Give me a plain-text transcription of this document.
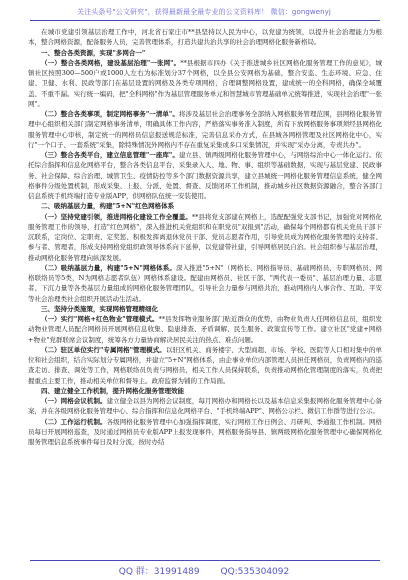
关注头条号"公文研究"，获得最新最全最专业的公文资料库！ 微信：gongwenyj

在城市党建引领基层治理工作中，河北省石家庄市**县坚持以人民为中心，以党建为统领，以提升社会治理能力为根本，整合网格资源，配备服务人员，完善管理体系，打造共建共治共享的社会治理网格化服务新格局。

一、整合各类资源，实现"多网合一"

（一）整合各类网格，建设基层治理"一张网"。**县根据市四办《关于推进城乡社区网格化服务管理工作的意见》，城镇社区按照300—500户或1000人左右为标准划分37个网格，以全县公安网格为基础，整合安监、生态环境、应急、住建、卫健、水利、民政等部门在基层设置的网格及各类专项网格，合理调整网格设置，建成统一的全科网格，确保全域覆盖、不重不漏。实行统一编码，把"全科网格"作为基层管理服务单元和智慧城市管理基础单元统筹推进，实现社会治理"一张网"。

（二）整合各类事项，制定网格事务"一清单"。将涉及基层社会治理事务全部纳入网格服务管理范围，县网格化服务管理中心组织相关部门制定网格事务清单，明确具体工作内容，严格落实事务准入制度，所有下放网格服务事项须经县网格化服务管理中心审核，制定统一的网格员信息报送规范标准，完善信息采办方式，在县城各网格管理及社区网格化中心，实行"一个口子、一套系统"采集，除特殊情况外网格内不存在重复采集或多口采集情况，并实现"采办分离，专责共办"。

（三）整合各类平台，建立信息管理"一座库"。建立县、镇两级网格化服务管理中心，与网络综治中心一体化运行。依托综合指挥和信息化网格平台，整合各类信息平台，采集录入人、地、物、事、组织等基础数据，实现与基层党建、民政事务、社会保障、综合治理、城管卫生、疫情防控等多个部门数据资源共享，建立县城统一网格化服务管理信息系统，健全网格事件分级处置机制，形成采集、上报、分派、处置、督查、反馈闭环工作机制，推动城乡社区数据资源融合，整合各部门信息系统手机终端打造专业版APP，供网格队伍统一安装使用。

二、吸纳基层力量，构建"5+N"红色网格体系

（一）坚持党建引领，推进网格化建设工作全覆盖。**县将党支部建在网格上，选配配强党支部书记，加强党对网格化服务管理工作的领导，打造"红色网格"，深入推进机关党组织和在职党员"双报到"活动，确保每个网格都有机关党员干部下沉联系，定岗位、定职责、定奖惩、积极发挥离退休党员干部、党员志愿者作用，引导党员成为网格化服务管理的支持者、参与者、管理者，形成支持网格党组织政领导体系向下延伸，以党建带社建，引导网格居民自治。社会组织参与基层治理，推动网格化服务管理向纵深发展。

（二）吸纳基层力量，构建"5+N"网格体系。深入推进"5+N"（网格长、网格指导员、基础网格员、专职网格员、网格联络员等5类，N为网格志愿者队伍）网格体系建设。配建由网格员、社区干部、"两代表一委员"、基层治理力量、志愿者、下沉力量等各类基层力量组成的网格化服务管理团队，引导社会力量参与网格共治，推动网格内人事合作、互助、平安等社会治理类社会组织开展活动生活动。

三、坚持分类施策，实现网格管理精细化

（一）实行"网格+红色物业"管理模式。**县发挥物业服务部门贴近群众的优势，由物业负责人任网格信息员，组织发动物业管理人员配合网格员开展网格信息收集、隐患排查、矛盾调解、民生服务、政策宣传等工作。建立社区"党建+网格+物业"党群联席会议制度，统筹各方力量协商解决居民关注的热点、难点问题。

（二）驻区单位实行"专属网格"管理模式。以驻区机关、商务楼宇、大型商超、市场、学校、医院等人口相对集中的单位和社会组织，结合实际划分专属网格，并建立"5+N"网格体系，由企事业单位内部管理人员担任网格员，负责网格内的巡查走访、排查、调处等工作，网格联络员负责与网格员，相关工作人员保持联系，负责推动网格化管理制度的落实，负责把握重点主要工作，推动相关单位和督导主。政府监督为铺的工作局面。

四、建立健全工作机制，提升网格化服务管理效能

（一）网格会议机制。建立健全以县为网格会议制度，每月网格办和网格长以及基本信息采集报网格化服务管理中心备案，并在各级网格化服务管理中心、综合指挥和信息化网格平台、"手机终端APP"、网格公示栏、微信工作群等进行公示。

（二）工作运行机制。各级网格化服务管理中心加强指挥调度，实行网格工作日例会、月研判、季通报工作机制。网格员每日开展网格巡查，及时通过网格员专业版APP上报发现事件，网格服务指导县、镇两级网格化服务管理中心确保网格化服务管理信息系统事件每日及时分流，按时办结

QQ 群：31991489 QQ:535304092
